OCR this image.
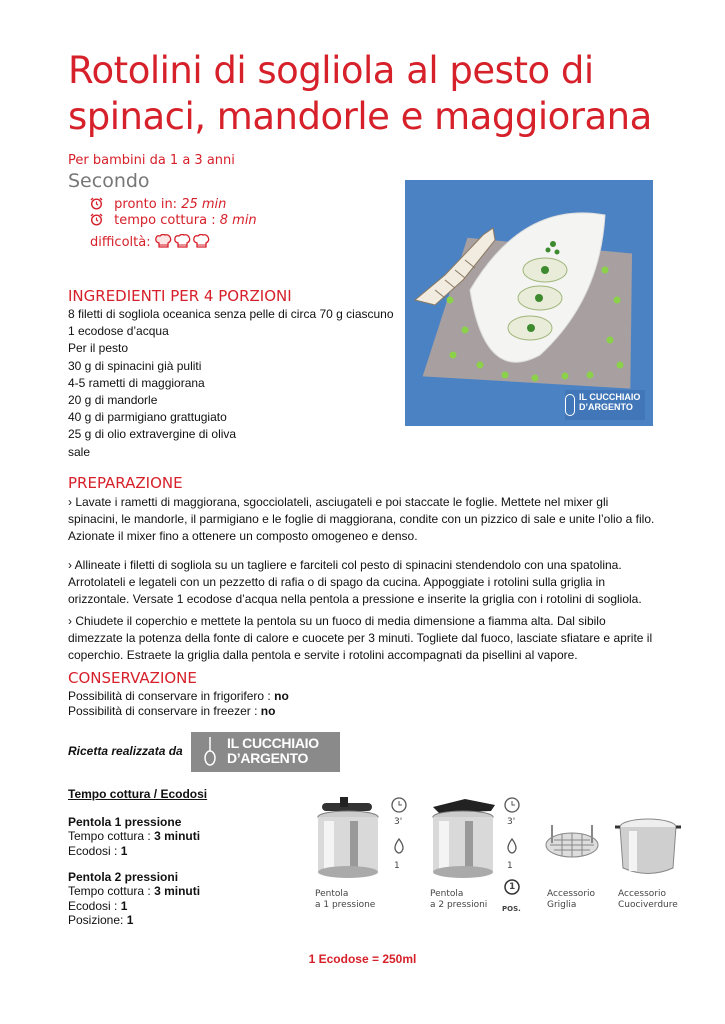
Rotolini di sogliola al pesto di spinaci, mandorle e maggiorana
Per bambini da 1 a 3 anni
Secondo
pronto in: 25 min
tempo cottura : 8 min
difficoltà:
IL CUCCHIAIO
D’ARGENTO
INGREDIENTI PER 4 PORZIONI
8 filetti di sogliola oceanica senza pelle di circa 70 g ciascuno
1 ecodose d’acqua
Per il pesto
30 g di spinacini già puliti
4-5 rametti di maggiorana
20 g di mandorle
40 g di parmigiano grattugiato
25 g di olio extravergine di oliva
sale
PREPARAZIONE
› Lavate i rametti di maggiorana, sgocciolateli, asciugateli e poi staccate le foglie. Mettete nel mixer gli spinacini, le mandorle, il parmigiano e le foglie di maggiorana, condite con un pizzico di sale e unite l’olio a filo. Azionate il mixer fino a ottenere un composto omogeneo e denso.
› Allineate i filetti di sogliola su un tagliere e farciteli col pesto di spinacini stendendolo con una spatolina. Arrotolateli e legateli con un pezzetto di rafia o di spago da cucina. Appoggiate i rotolini sulla griglia in orizzontale. Versate 1 ecodose d’acqua nella pentola a pressione e inserite la griglia con i rotolini di sogliola.
› Chiudete il coperchio e mettete la pentola su un fuoco di media dimensione a fiamma alta. Dal sibilo dimezzate la potenza della fonte di calore e cuocete per 3 minuti. Togliete dal fuoco, lasciate sfiatare e aprite il coperchio. Estraete la griglia dalla pentola e servite i rotolini accompagnati da pisellini al vapore.
CONSERVAZIONE
Possibilità di conservare in frigorifero : no
Possibilità di conservare in freezer : no
Ricetta realizzata da	IL CUCCHIAIO
D’ARGENTO
Tempo cottura / Ecodosi
Pentola 1 pressione
Tempo cottura : 3 minuti
Ecodosi : 1
Pentola 2 pressioni
Tempo cottura : 3 minuti
Ecodosi : 1
Posizione: 1
3'
1
Pentola
a 1 pressione
3'
1
1
POS.
Pentola
a 2 pressioni
Accessorio
Griglia
Accessorio
Cuociverdure
1 Ecodose = 250ml
